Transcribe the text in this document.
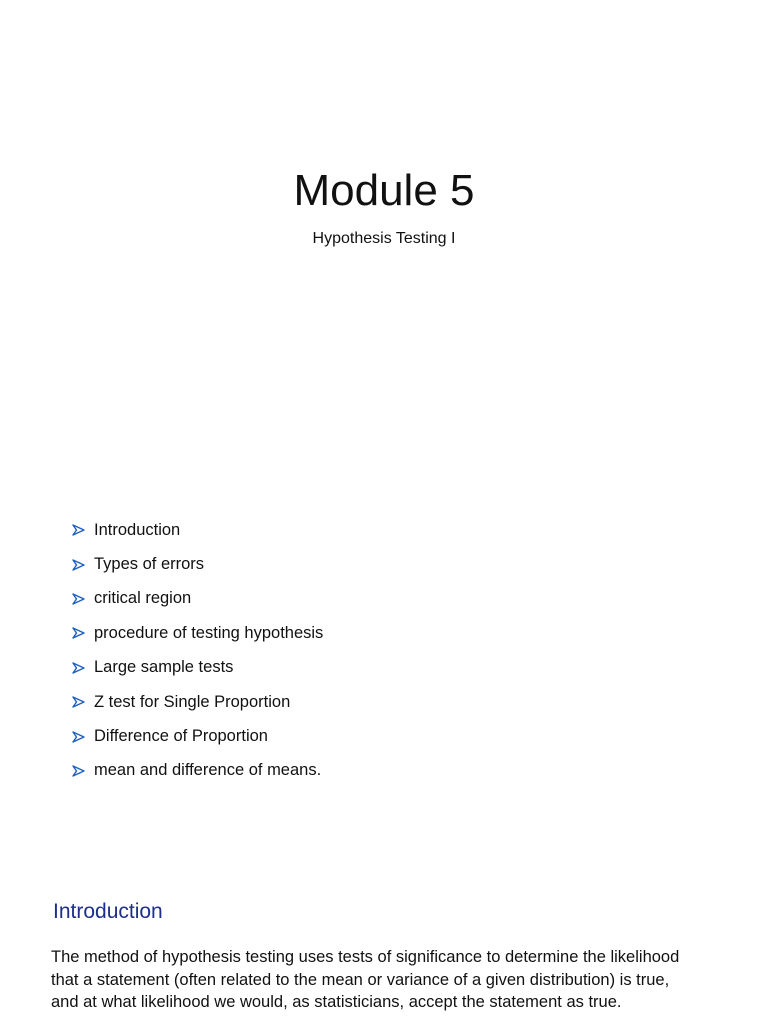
Module 5

Hypothesis Testing I

Introduction
Types of errors
critical region
procedure of testing hypothesis
Large sample tests
Z test for Single Proportion
Difference of Proportion
mean and difference of means.
Introduction

The method of hypothesis testing uses tests of significance to determine the likelihood that a statement (often related to the mean or variance of a given distribution) is true, and at what likelihood we would, as statisticians, accept the statement as true.
